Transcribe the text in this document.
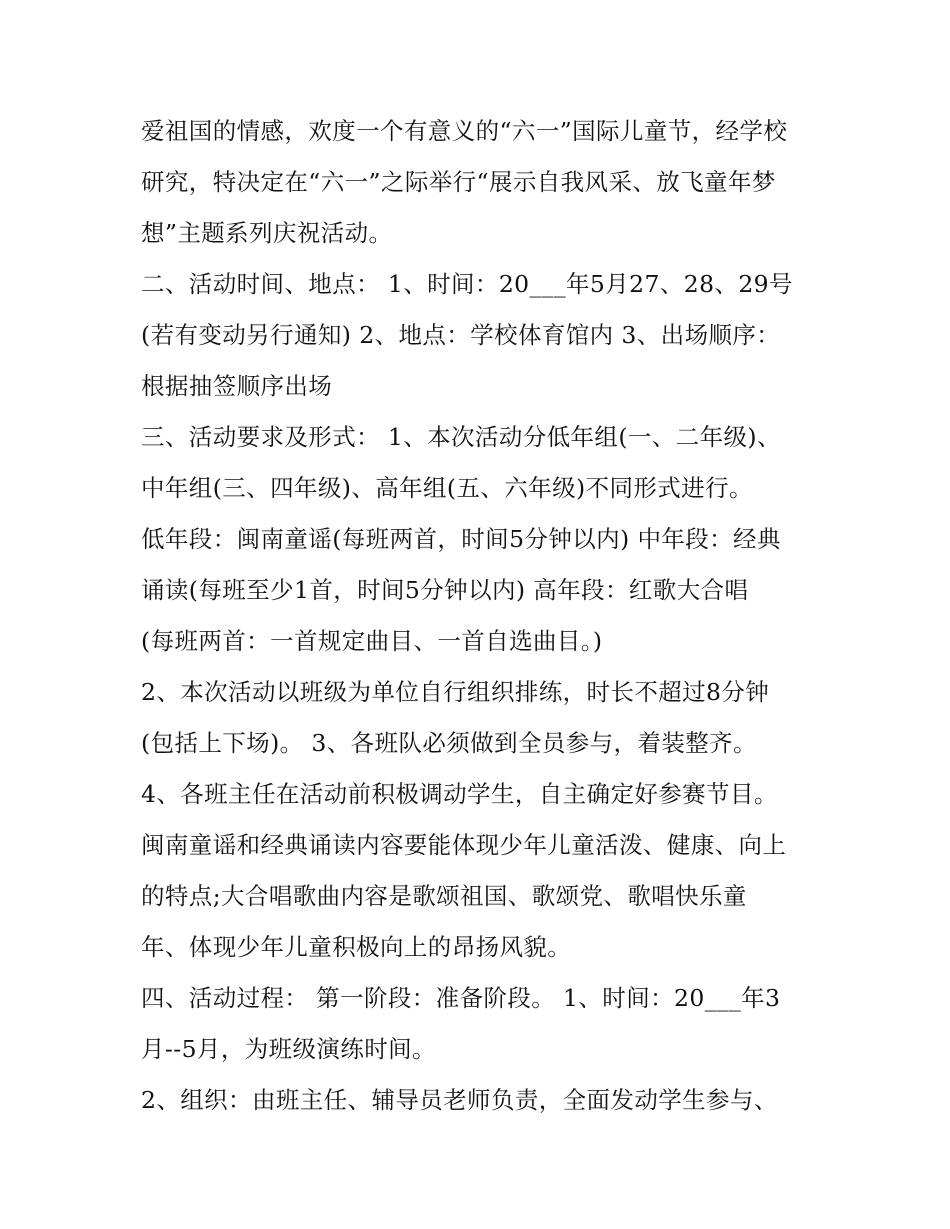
爱祖国的情感，欢度一个有意义的“六一”国际儿童节，经学校
研究，特决定在“六一”之际举行“展示自我风采、放飞童年梦
想”主题系列庆祝活动。
二、活动时间、地点： 1、时间：20___年5月27、28、29号
(若有变动另行通知) 2、地点：学校体育馆内 3、出场顺序：
根据抽签顺序出场
三、活动要求及形式： 1、本次活动分低年组(一、二年级)、
中年组(三、四年级)、高年组(五、六年级)不同形式进行。
低年段：闽南童谣(每班两首，时间5分钟以内) 中年段：经典
诵读(每班至少1首，时间5分钟以内) 高年段：红歌大合唱
(每班两首：一首规定曲目、一首自选曲目。)
2、本次活动以班级为单位自行组织排练，时长不超过8分钟
(包括上下场)。 3、各班队必须做到全员参与，着装整齐。
4、各班主任在活动前积极调动学生，自主确定好参赛节目。
闽南童谣和经典诵读内容要能体现少年儿童活泼、健康、向上
的特点;大合唱歌曲内容是歌颂祖国、歌颂党、歌唱快乐童
年、体现少年儿童积极向上的昂扬风貌。
四、活动过程： 第一阶段：准备阶段。 1、时间：20___年3
月--5月，为班级演练时间。
2、组织：由班主任、辅导员老师负责，全面发动学生参与、
